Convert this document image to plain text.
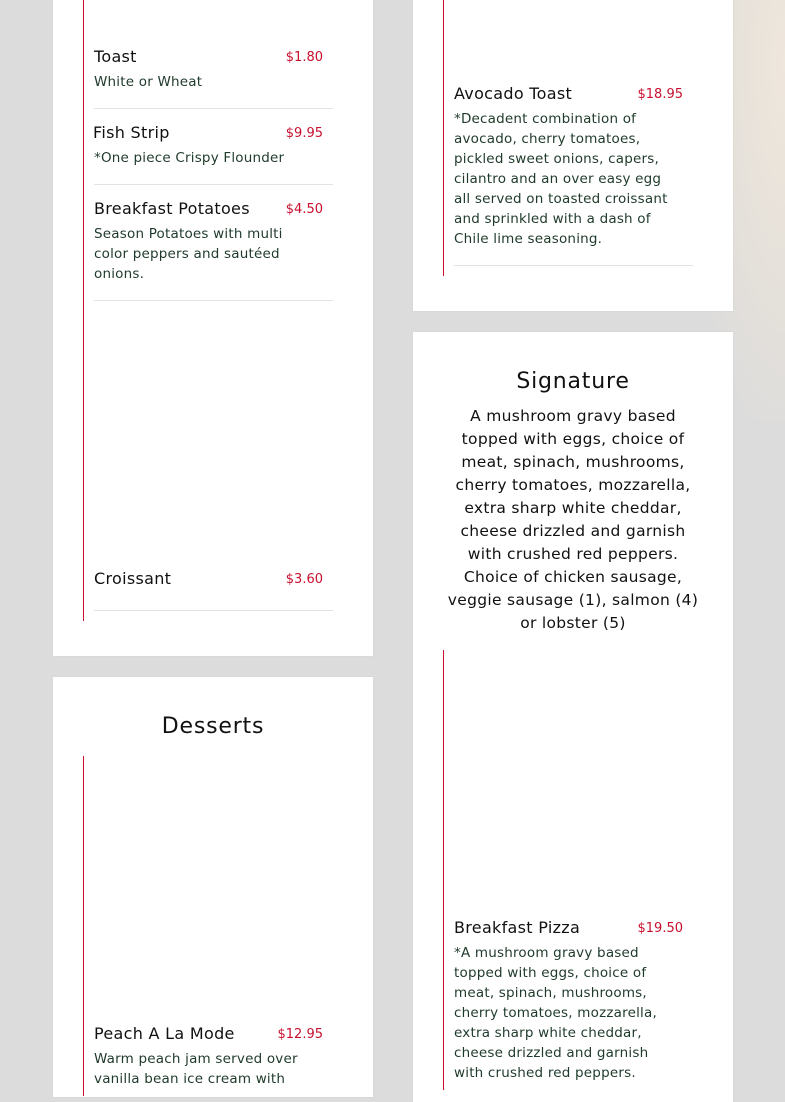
Toast	$1.80
White or Wheat
Fish Strip	$9.95
*One piece Crispy Flounder
Breakfast Potatoes	$4.50
Season Potatoes with multi color peppers and sautéed onions.
Croissant	$3.60
Desserts
Peach A La Mode	$12.95
Warm peach jam served over vanilla bean ice cream with
Avocado Toast	$18.95
*Decadent combination of avocado, cherry tomatoes, pickled sweet onions, capers, cilantro and an over easy egg all served on toasted croissant and sprinkled with a dash of Chile lime seasoning.
Signature
A mushroom gravy based topped with eggs, choice of meat, spinach, mushrooms, cherry tomatoes, mozzarella, extra sharp white cheddar, cheese drizzled and garnish with crushed red peppers. Choice of chicken sausage, veggie sausage (1), salmon (4) or lobster (5)
Breakfast Pizza	$19.50
*A mushroom gravy based topped with eggs, choice of meat, spinach, mushrooms, cherry tomatoes, mozzarella, extra sharp white cheddar, cheese drizzled and garnish with crushed red peppers.
